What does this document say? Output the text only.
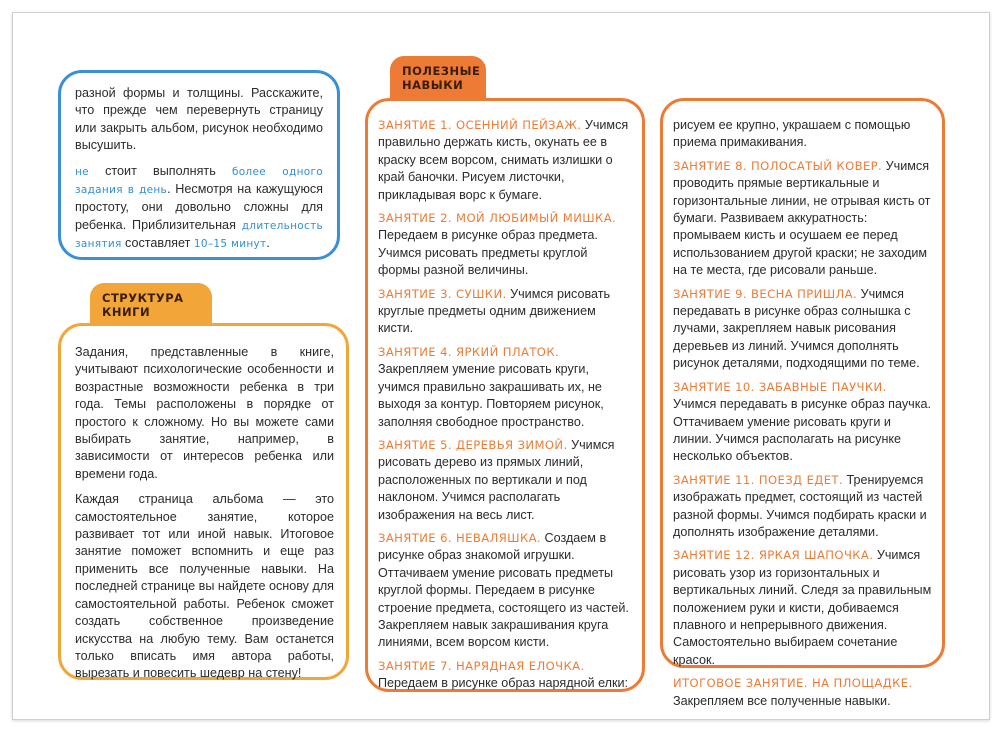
разной формы и толщины. Расскажите, что прежде чем перевернуть страницу или закрыть альбом, рисунок необходимо высушить.

не стоит выполнять более одного задания в день. Несмотря на кажущуюся простоту, они довольно сложны для ребенка. Приблизительная длительность занятия составляет 10–15 минут.

СТРУКТУРА КНИГИ

Задания, представленные в книге, учитывают психологические особенности и возрастные возможности ребенка в три года. Темы расположены в порядке от простого к сложному. Но вы можете сами выбирать занятие, например, в зависимости от интересов ребенка или времени года.

Каждая страница альбома — это самостоятельное занятие, которое развивает тот или иной навык. Итоговое занятие поможет вспомнить и еще раз применить все полученные навыки. На последней странице вы найдете основу для самостоятельной работы. Ребенок сможет создать собственное произведение искусства на любую тему. Вам останется только вписать имя автора работы, вырезать и повесить шедевр на стену!

ПОЛЕЗНЫЕ НАВЫКИ

ЗАНЯТИЕ 1. ОСЕННИЙ ПЕЙЗАЖ. Учимся правильно держать кисть, окунать ее в краску всем ворсом, снимать излишки о край баночки. Рисуем листочки, прикладывая ворс к бумаге.

ЗАНЯТИЕ 2. МОЙ ЛЮБИМЫЙ МИШКА. Передаем в рисунке образ предмета. Учимся рисовать предметы круглой формы разной величины.

ЗАНЯТИЕ 3. СУШКИ. Учимся рисовать круглые предметы одним движением кисти.

ЗАНЯТИЕ 4. ЯРКИЙ ПЛАТОК. Закрепляем умение рисовать круги, учимся правильно закрашивать их, не выходя за контур. Повторяем рисунок, заполняя свободное пространство.

ЗАНЯТИЕ 5. ДЕРЕВЬЯ ЗИМОЙ. Учимся рисовать дерево из прямых линий, расположенных по вертикали и под наклоном. Учимся располагать изображения на весь лист.

ЗАНЯТИЕ 6. НЕВАЛЯШКА. Создаем в рисунке образ знакомой игрушки. Оттачиваем умение рисовать предметы круглой формы. Передаем в рисунке строение предмета, состоящего из частей. Закрепляем навык закрашивания круга линиями, всем ворсом кисти.

ЗАНЯТИЕ 7. НАРЯДНАЯ ЕЛОЧКА. Передаем в рисунке образ нарядной елки:

рисуем ее крупно, украшаем с помощью приема примакивания.

ЗАНЯТИЕ 8. ПОЛОСАТЫЙ КОВЕР. Учимся проводить прямые вертикальные и горизонтальные линии, не отрывая кисть от бумаги. Развиваем аккуратность: промываем кисть и осушаем ее перед использованием другой краски; не заходим на те места, где рисовали раньше.

ЗАНЯТИЕ 9. ВЕСНА ПРИШЛА. Учимся передавать в рисунке образ солнышка с лучами, закрепляем навык рисования деревьев из линий. Учимся дополнять рисунок деталями, подходящими по теме.

ЗАНЯТИЕ 10. ЗАБАВНЫЕ ПАУЧКИ. Учимся передавать в рисунке образ паучка. Оттачиваем умение рисовать круги и линии. Учимся располагать на рисунке несколько объектов.

ЗАНЯТИЕ 11. ПОЕЗД ЕДЕТ. Тренируемся изображать предмет, состоящий из частей разной формы. Учимся подбирать краски и дополнять изображение деталями.

ЗАНЯТИЕ 12. ЯРКАЯ ШАПОЧКА. Учимся рисовать узор из горизонтальных и вертикальных линий. Следя за правильным положением руки и кисти, добиваемся плавного и непрерывного движения. Самостоятельно выбираем сочетание красок.

ИТОГОВОЕ ЗАНЯТИЕ. НА ПЛОЩАДКЕ. Закрепляем все полученные навыки.
